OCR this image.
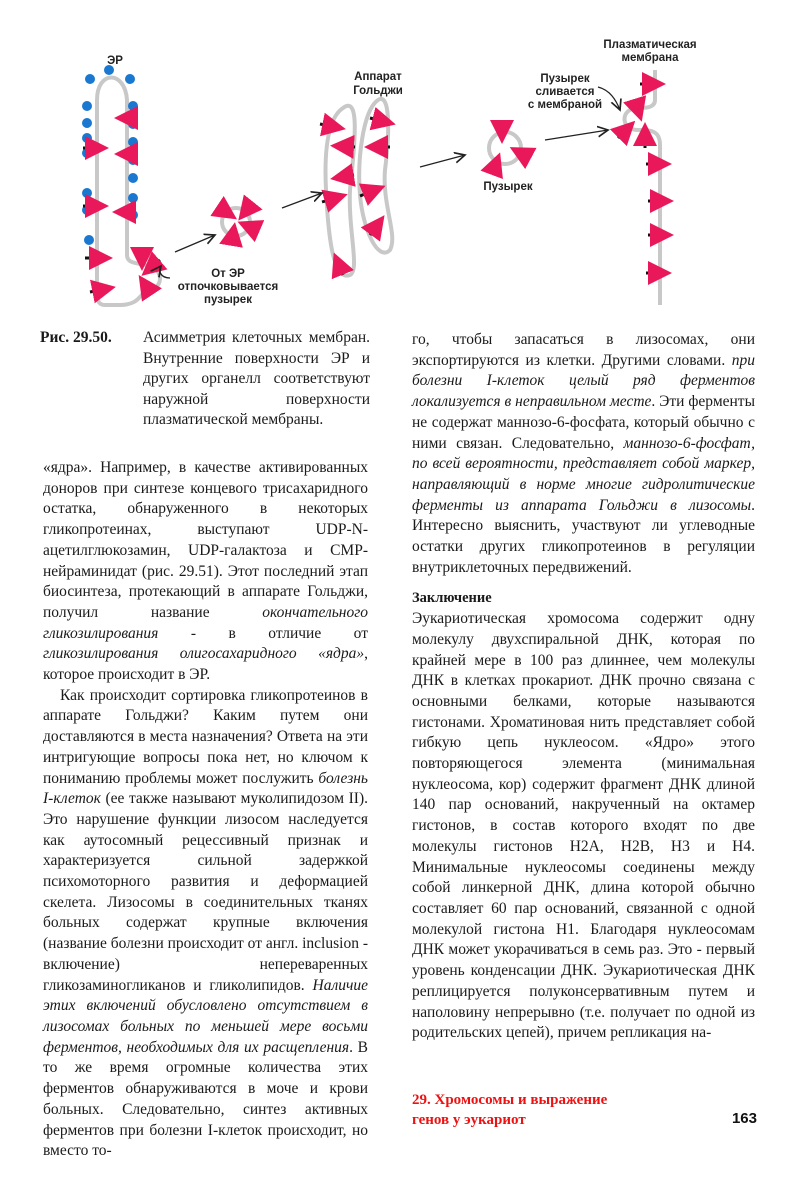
ЭР
Аппарат
Гольджи
Пузырек
Плазматическая
мембрана
Пузырек
сливается
с мембраной
От ЭР
отпочковывается
пузырек
Рис. 29.50. Асимметрия клеточных мембран. Внутренние поверхности ЭР и других органелл соответствуют наружной поверхности плазматической мембраны.

«ядра». Например, в качестве активированных доноров при синтезе концевого трисахаридного остатка, обнаруженного в некоторых гликопротеинах, выступают UDP-N-ацетилглюкозамин, UDP-галактоза и CMP-нейраминидат (рис. 29.51). Этот последний этап биосинтеза, протекающий в аппарате Гольджи, получил название окончательного гликозилирования - в отличие от гликозилирования олигосахаридного «ядра», которое происходит в ЭР.

Как происходит сортировка гликопротеинов в аппарате Гольджи? Каким путем они доставляются в места назначения? Ответа на эти интригующие вопросы пока нет, но ключом к пониманию проблемы может послужить болезнь I-клеток (ее также называют муколипидозом II). Это нарушение функции лизосом наследуется как аутосомный рецессивный признак и характеризуется сильной задержкой психомоторного развития и деформацией скелета. Лизосомы в соединительных тканях больных содержат крупные включения (название болезни происходит от англ. inclusion - включение) непереваренных гликозаминогликанов и гликолипидов. Наличие этих включений обусловлено отсутствием в лизосомах больных по меньшей мере восьми ферментов, необходимых для их расщепления. В то же время огромные количества этих ферментов обнаруживаются в моче и крови больных. Следовательно, синтез активных ферментов при болезни I-клеток происходит, но вместо то-

го, чтобы запасаться в лизосомах, они экспортируются из клетки. Другими словами. при болезни I-клеток целый ряд ферментов локализуется в неправильном месте. Эти ферменты не содержат маннозо-6-фосфата, который обычно с ними связан. Следовательно, маннозо-6-фосфат, по всей вероятности, представляет собой маркер, направляющий в норме многие гидролитические ферменты из аппарата Гольджи в лизосомы. Интересно выяснить, участвуют ли углеводные остатки других гликопротеинов в регуляции внутриклеточных передвижений.

Заключение

Эукариотическая хромосома содержит одну молекулу двухспиральной ДНК, которая по крайней мере в 100 раз длиннее, чем молекулы ДНК в клетках прокариот. ДНК прочно связана с основными белками, которые называются гистонами. Хроматиновая нить представляет собой гибкую цепь нуклеосом. «Ядро» этого повторяющегося элемента (минимальная нуклеосома, кор) содержит фрагмент ДНК длиной 140 пар оснований, накрученный на октамер гистонов, в состав которого входят по две молекулы гистонов H2A, H2B, H3 и H4. Минимальные нуклеосомы соединены между собой линкерной ДНК, длина которой обычно составляет 60 пар оснований, связанной с одной молекулой гистона H1. Благодаря нуклеосомам ДНК может укорачиваться в семь раз. Это - первый уровень конденсации ДНК. Эукариотическая ДНК реплицируется полуконсервативным путем и наполовину непрерывно (т.е. получает по одной из родительских цепей), причем репликация на-

29. Хромосомы и выражение
генов у эукариот	163
